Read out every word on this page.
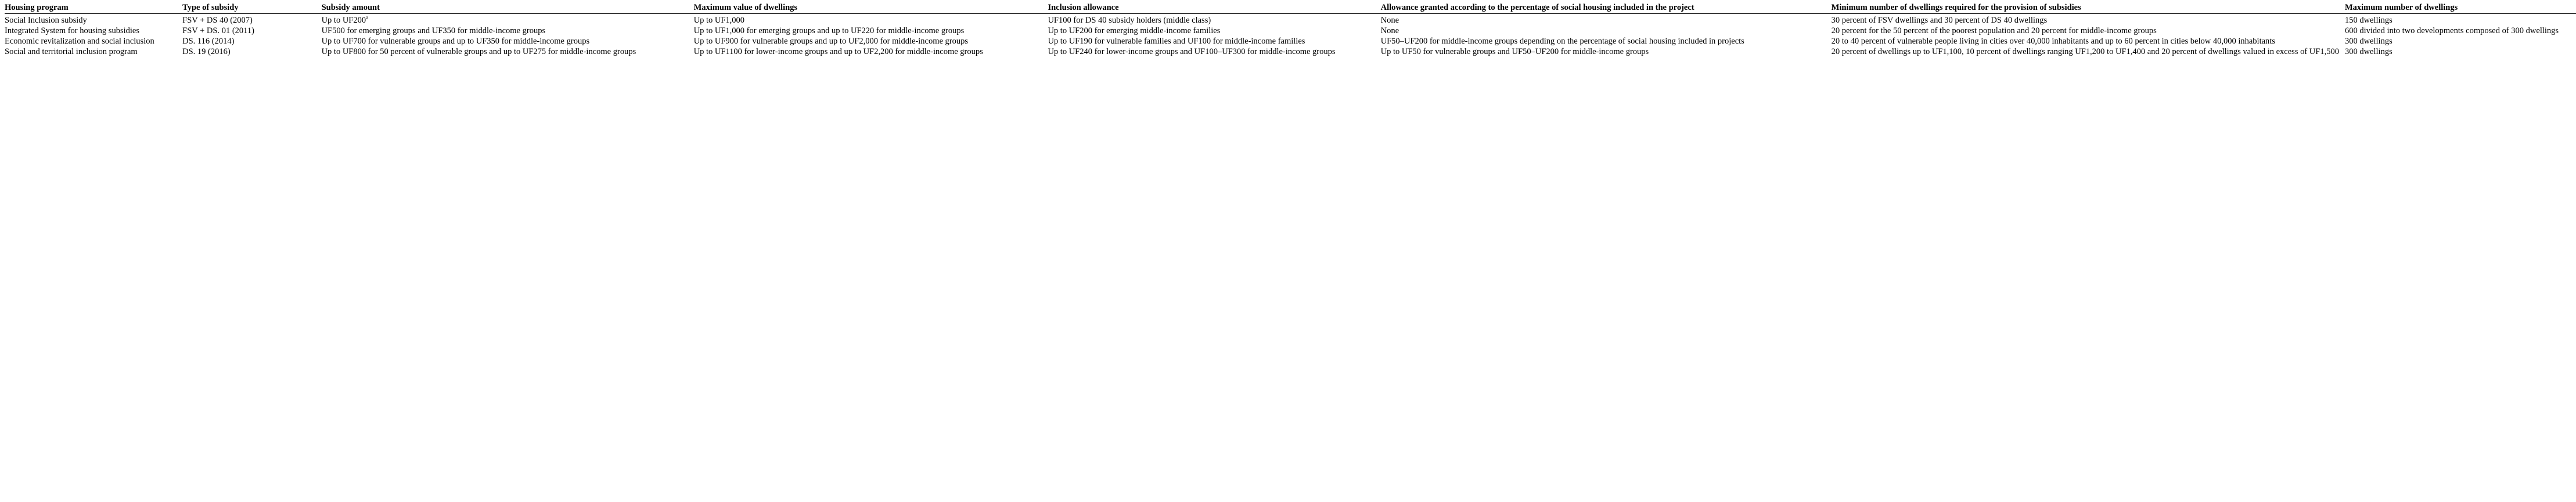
Housing program	Type of subsidy	Subsidy amount	Maximum value of dwellings	Inclusion allowance	Allowance granted according to the percentage of social housing included in the project	Minimum number of dwellings required for the provision of subsidies	Maximum number of dwellings
Social Inclusion subsidy	FSV + DS 40 (2007)	Up to UF200$^a$	Up to UF1,000	UF100 for DS 40 subsidy holders (middle class)	None	30 percent of FSV dwellings and 30 percent of DS 40 dwellings	150 dwellings
Integrated System for housing subsidies	FSV + DS. 01 (2011)	UF500 for emerging groups and UF350 for middle-income groups	Up to UF1,000 for emerging groups and up to UF220 for middle-income groups	Up to UF200 for emerging middle-income families	None	20 percent for the 50 percent of the poorest population and 20 percent for middle-income groups	600 divided into two developments composed of 300 dwellings
Economic revitalization and social inclusion	DS. 116 (2014)	Up to UF700 for vulnerable groups and up to UF350 for middle-income groups	Up to UF900 for vulnerable groups and up to UF2,000 for middle-income groups	Up to UF190 for vulnerable families and UF100 for middle-income families	UF50–UF200 for middle-income groups depending on the percentage of social housing included in projects	20 to 40 percent of vulnerable people living in cities over 40,000 inhabitants and up to 60 percent in cities below 40,000 inhabitants	300 dwellings
Social and territorial inclusion program	DS. 19 (2016)	Up to UF800 for 50 percent of vulnerable groups and up to UF275 for middle-income groups	Up to UF1100 for lower-income groups and up to UF2,200 for middle-income groups	Up to UF240 for lower-income groups and UF100–UF300 for middle-income groups	Up to UF50 for vulnerable groups and UF50–UF200 for middle-income groups	20 percent of dwellings up to UF1,100, 10 percent of dwellings ranging UF1,200 to UF1,400 and 20 percent of dwellings valued in excess of UF1,500	300 dwellings
